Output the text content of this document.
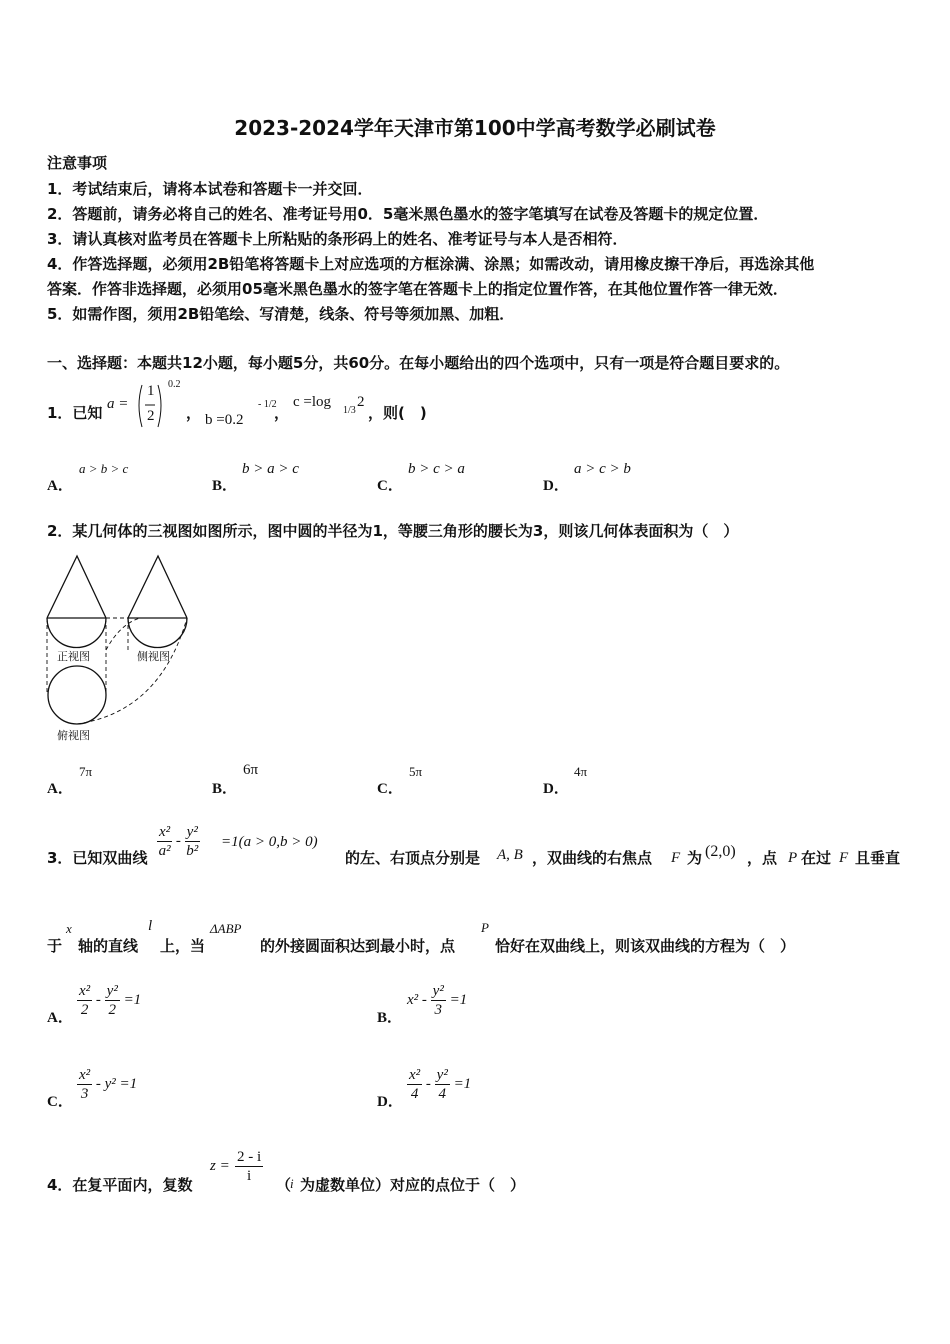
2023-2024学年天津市第100中学高考数学必刷试卷
注意事项
1．考试结束后，请将本试卷和答题卡一并交回．
2．答题前，请务必将自己的姓名、准考证号用0．5毫米黑色墨水的签字笔填写在试卷及答题卡的规定位置．
3．请认真核对监考员在答题卡上所粘贴的条形码上的姓名、准考证号与本人是否相符．
4．作答选择题，必须用2B铅笔将答题卡上对应选项的方框涂满、涂黑；如需改动，请用橡皮擦干净后，再选涂其他
答案．作答非选择题，必须用05毫米黑色墨水的签字笔在答题卡上的指定位置作答，在其他位置作答一律无效．
5．如需作图，须用2B铅笔绘、写清楚，线条、符号等须加黑、加粗．
一、选择题：本题共12小题，每小题5分，共60分。在每小题给出的四个选项中，只有一项是符合题目要求的。
1．已知 a =
1
2
0.2
， b =0.2
- 1/2
，
c =log
1/3
2
，则(　)
A．
a > b > c
B．
b > a > c
C．
b > c > a
D．
a > c > b
2．某几何体的三视图如图所示，图中圆的半径为1，等腰三角形的腰长为3，则该几何体表面积为（　）
正视图	侧视图
俯视图
A．
7π
B．
6π
C．
5π
D．
4π
3．已知双曲线 $\frac{\text{x²}}{\text{a²}} - \frac{\text{y²}}{\text{b²}} =1(a > 0,b > 0)$
的左、右顶点分别是 A, B ，双曲线的右焦点 F 为 (2,0) ，点 P 在过 F 且垂直
于
x
轴的直线
l
上，当
ΔABP
的外接圆面积达到最小时，点
P
恰好在双曲线上，则该双曲线的方程为（　）
A． $\frac{\text{x²}}{2} - \frac{\text{y²}}{2} =1$
B．
$x^2 - \frac{\text{y²}}{3} =1$
C． $\frac{\text{x²}}{3} - y^2 =1$
D． $\frac{\text{x²}}{4} - \frac{\text{y²}}{4} =1$
4．在复平面内，复数
$z = \frac{2 - i}{i}$ （
i 为虚数单位）对应的点位于（　）
